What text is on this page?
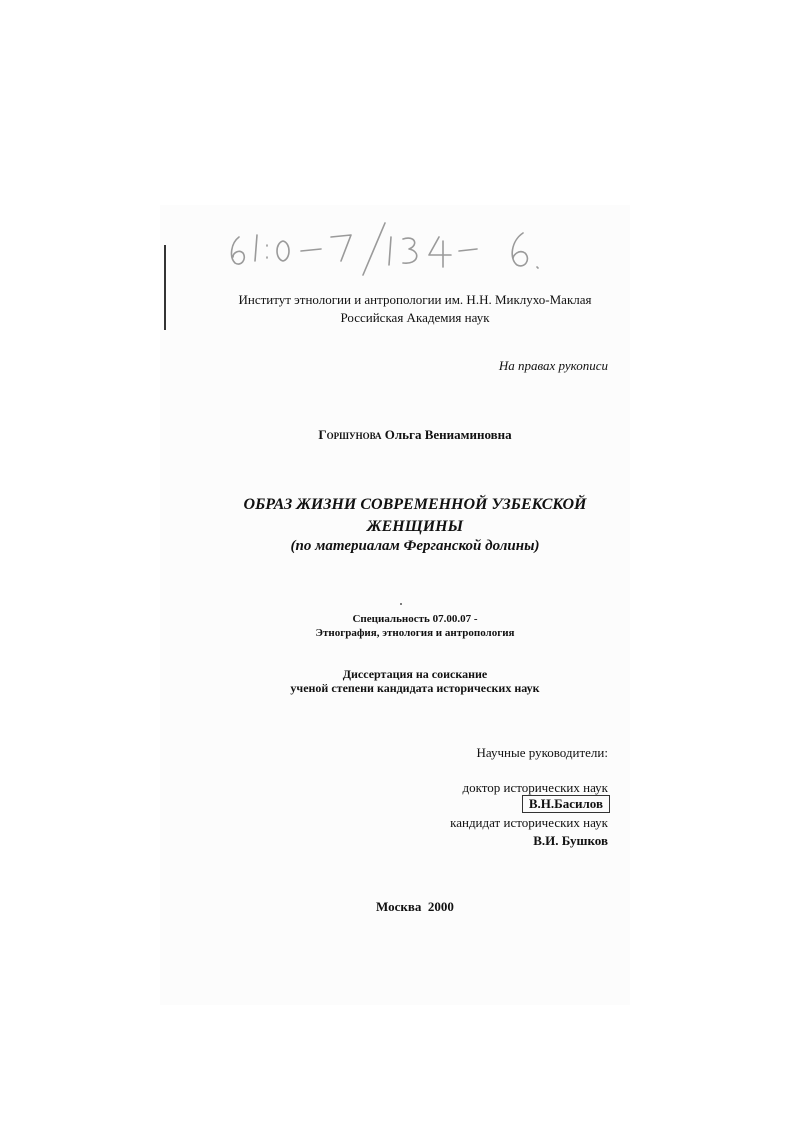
Институт этнологии и антропологии им. Н.Н. Миклухо-Маклая
Российская Академия наук
На правах рукописи
Горшунова Ольга Вениаминовна
ОБРАЗ ЖИЗНИ СОВРЕМЕННОЙ УЗБЕКСКОЙ
ЖЕНЩИНЫ
(по материалам Ферганской долины)
Специальность 07.00.07 -
Этнография, этнология и антропология
Диссертация на соискание
ученой степени кандидата исторических наук
Научные руководители:
доктор исторических наук
В.Н.Басилов
кандидат исторических наук
В.И. Бушков
Москва  2000
